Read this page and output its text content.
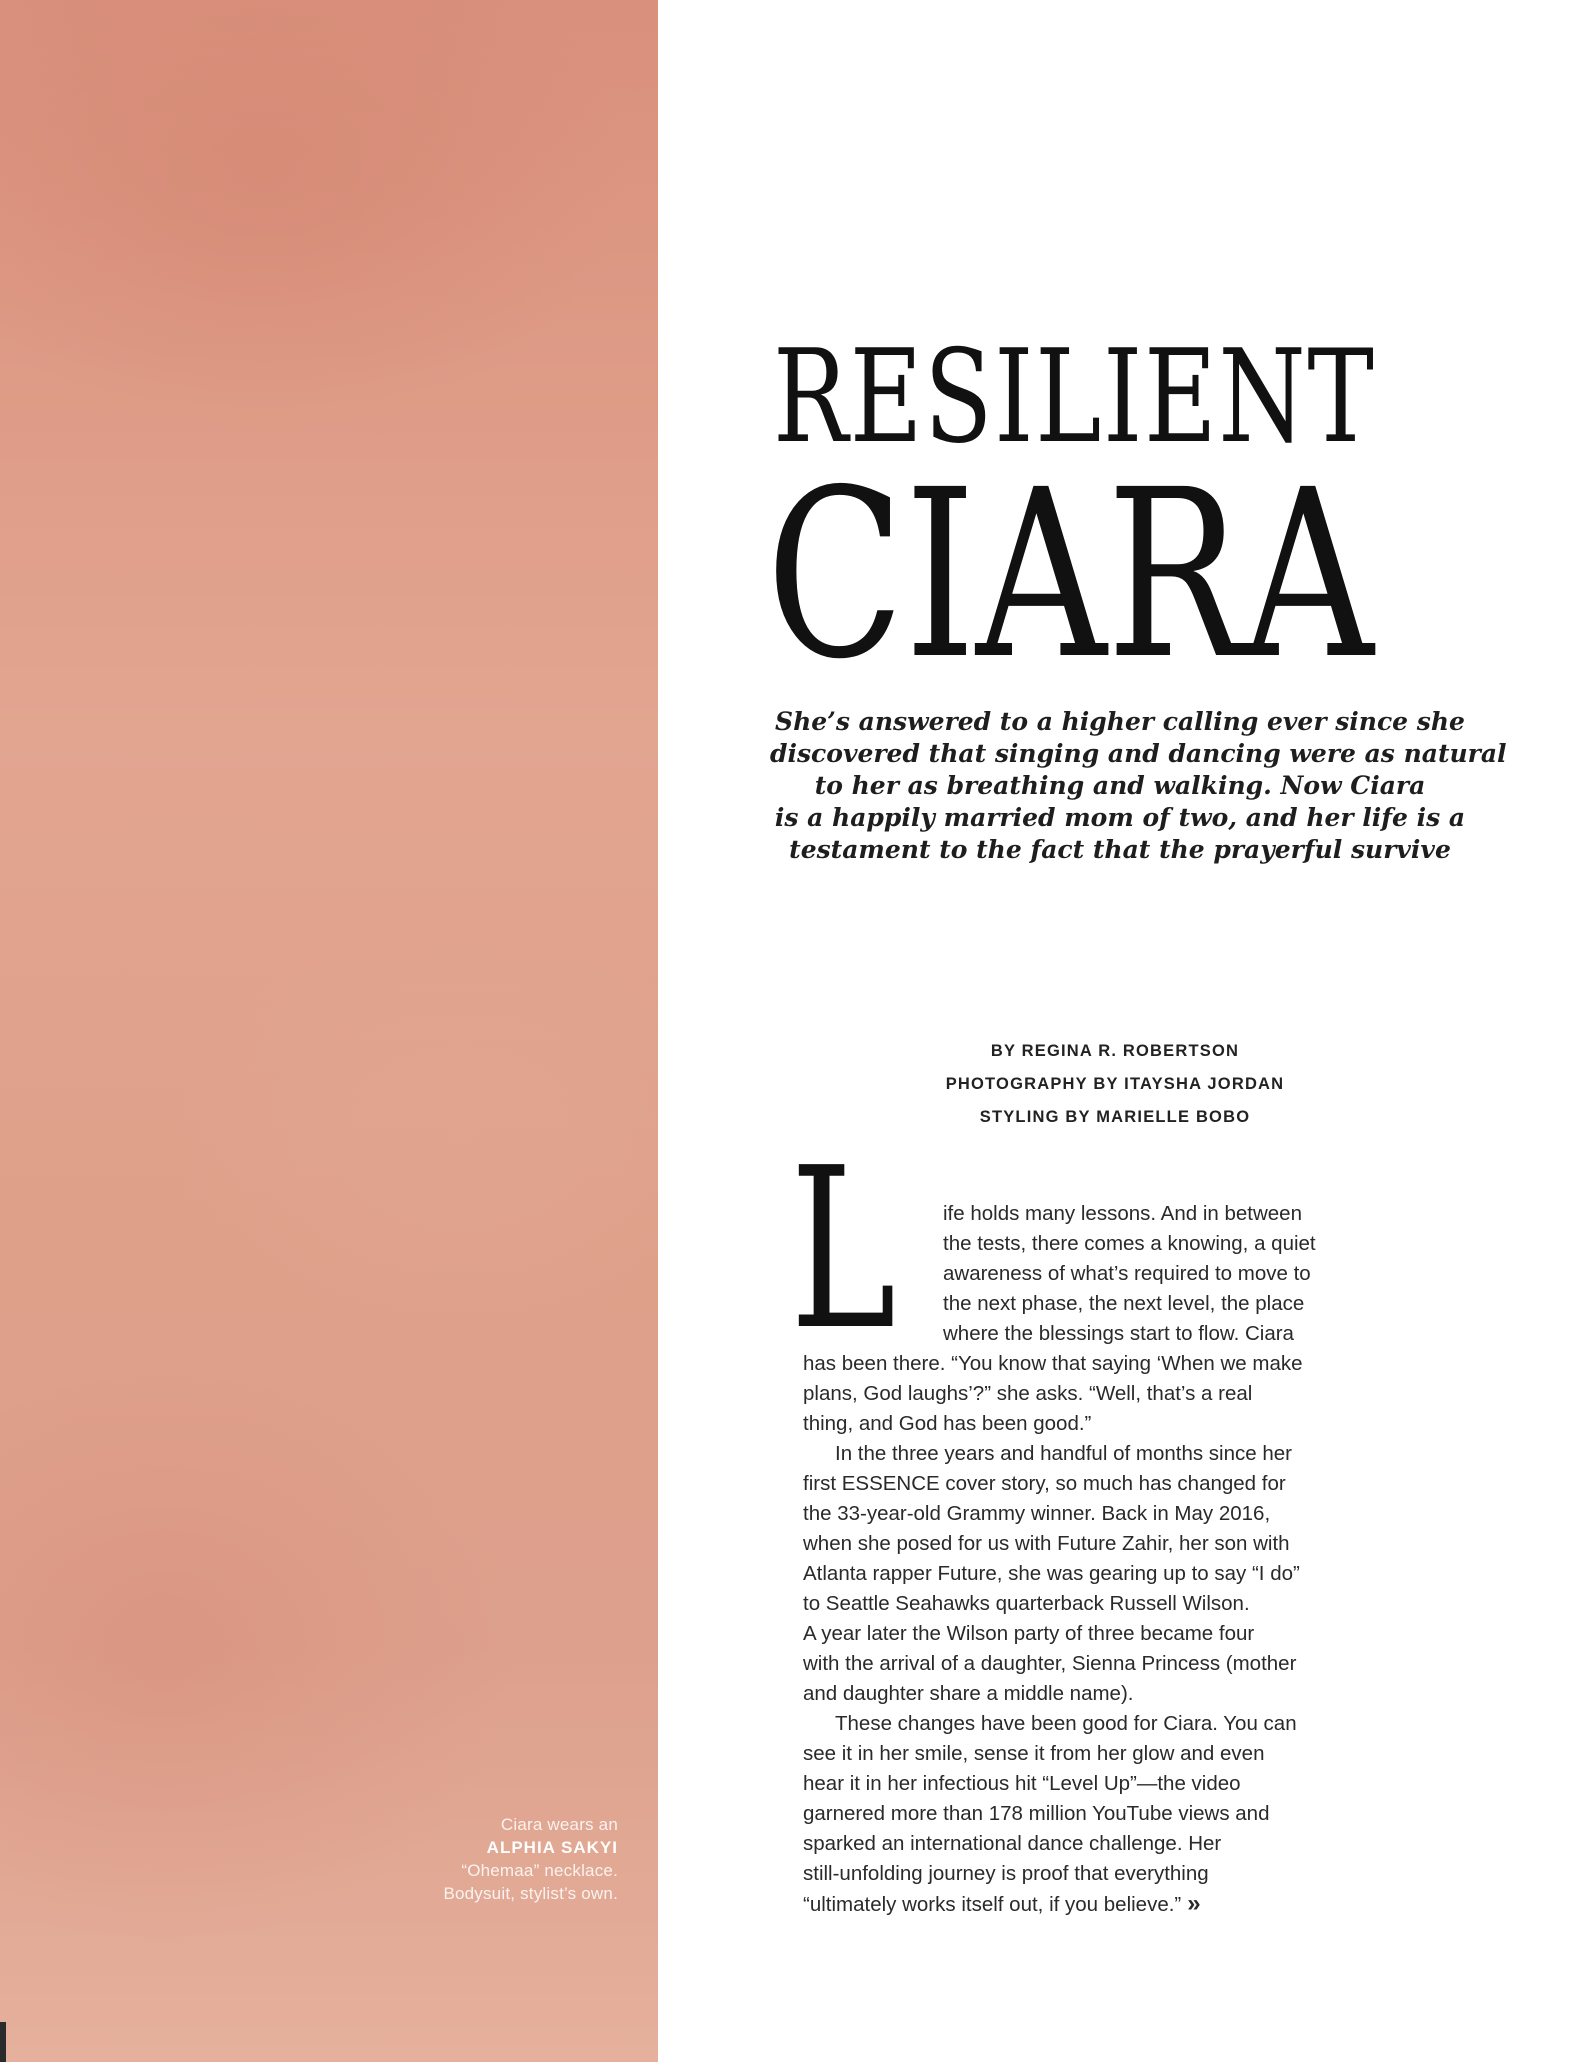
Ciara wears an
ALPHIA SAKYI
“Ohemaa” necklace.
Bodysuit, stylist’s own.
RESILIENT
CIARA
She’s answered to a higher calling ever since she
discovered that singing and dancing were as natural
to her as breathing and walking. Now Ciara
is a happily married mom of two, and her life is a
testament to the fact that the prayerful survive
BY REGINA R. ROBERTSON
PHOTOGRAPHY BY ITAYSHA JORDAN
STYLING BY MARIELLE BOBO
L	ife holds many lessons. And in between
the tests, there comes a knowing, a quiet
awareness of what’s required to move to
the next phase, the next level, the place
where the blessings start to flow. Ciara
has been there. “You know that saying ‘When we make
plans, God laughs’?” she asks. “Well, that’s a real
thing, and God has been good.”
In the three years and handful of months since her
first ESSENCE cover story, so much has changed for
the 33-year-old Grammy winner. Back in May 2016,
when she posed for us with Future Zahir, her son with
Atlanta rapper Future, she was gearing up to say “I do”
to Seattle Seahawks quarterback Russell Wilson.
A year later the Wilson party of three became four
with the arrival of a daughter, Sienna Princess (mother
and daughter share a middle name).
These changes have been good for Ciara. You can
see it in her smile, sense it from her glow and even
hear it in her infectious hit “Level Up”—the video
garnered more than 178 million YouTube views and
sparked an international dance challenge. Her
still-unfolding journey is proof that everything
“ultimately works itself out, if you believe.” »
